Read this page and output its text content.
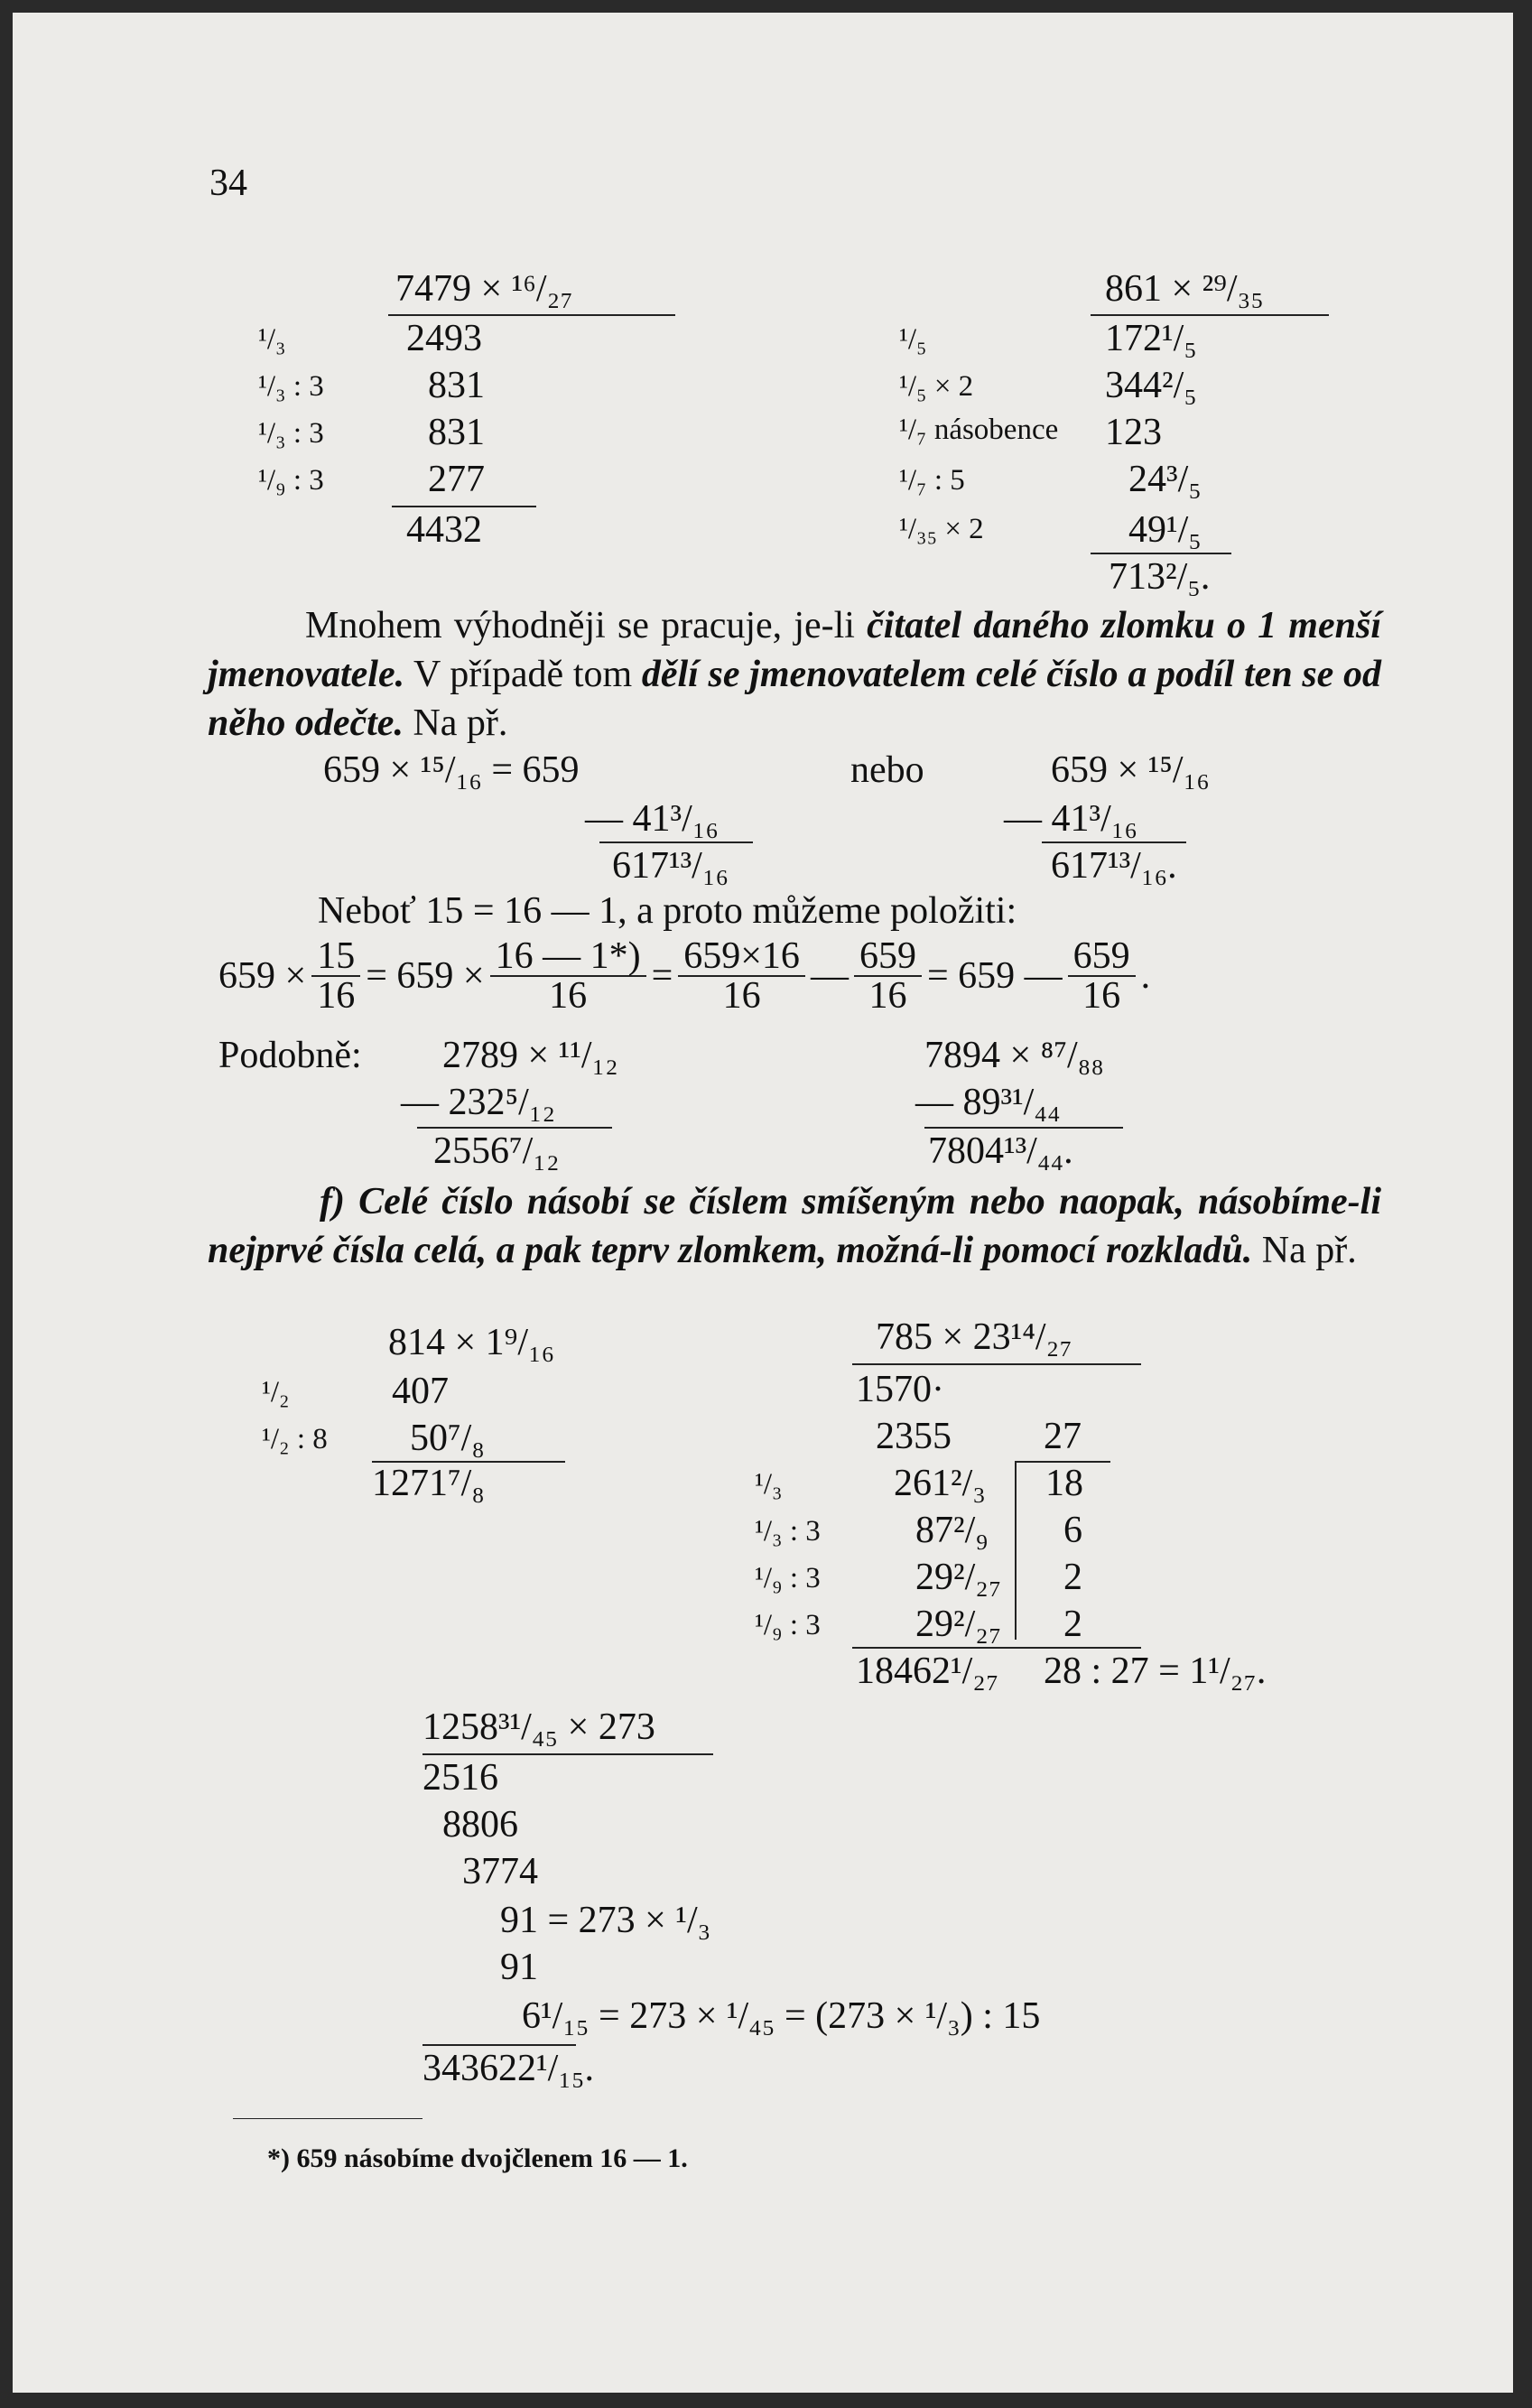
34
7479 × ¹⁶/₂₇
¹/₃	2493
¹/₃ : 3	831
¹/₃ : 3	831
¹/₉ : 3	277
4432
861 × ²⁹/₃₅
¹/₅	172¹/₅
¹/₅ × 2	344²/₅
¹/₇ násobence 123
¹/₇ : 5	24³/₅
¹/₃₅ × 2	49¹/₅
713²/₅.
Mnohem výhodněji se pracuje, je-li čitatel daného zlomku o 1 menší jmenovatele. V případě tom dělí se jmenovatelem celé číslo a podíl ten se od něho odečte. Na př.
659 × ¹⁵/₁₆ = 659
— 41³/₁₆
617¹³/₁₆
nebo	659 × ¹⁵/₁₆
— 41³/₁₆
617¹³/₁₆.
Neboť 15 = 16 — 1, a proto můžeme položiti:
$659 \times \frac{15}{16} = 659 \times \frac{16 — 1*)}{16} = \frac{659\times 16}{16}$ — $\frac{659}{16} = 659$ — $\frac{659}{16}$ .
Podobně: 2789 × ¹¹/₁₂
— 232⁵/₁₂
2556⁷/₁₂
7894 × ⁸⁷/₈₈
— 89³¹/₄₄
7804¹³/₄₄.
f) Celé číslo násobí se číslem smíšeným nebo naopak, násobíme-li nejprvé čísla celá, a pak teprv zlomkem, možná-li pomocí rozkladů. Na př.
814 × 1⁹/₁₆
¹/₂	407
¹/₂ : 8 50⁷/₈
1271⁷/₈
785 × 23¹⁴/₂₇
1570·
2355 27
¹/₃	261²/₃ 18
¹/₃ : 3	87²/₉ 6
¹/₉ : 3	29²/₂₇ 2
¹/₉ : 3	29²/₂₇ 2
18462¹/₂₇ 28 : 27 = 1¹/₂₇.
1258³¹/₄₅ × 273
2516
8806
3774
91 = 273 × ¹/₃
91
6¹/₁₅ = 273 × ¹/₄₅ = (273 × ¹/₃) : 15
343622¹/₁₅.
*) 659 násobíme dvojčlenem 16 — 1.
